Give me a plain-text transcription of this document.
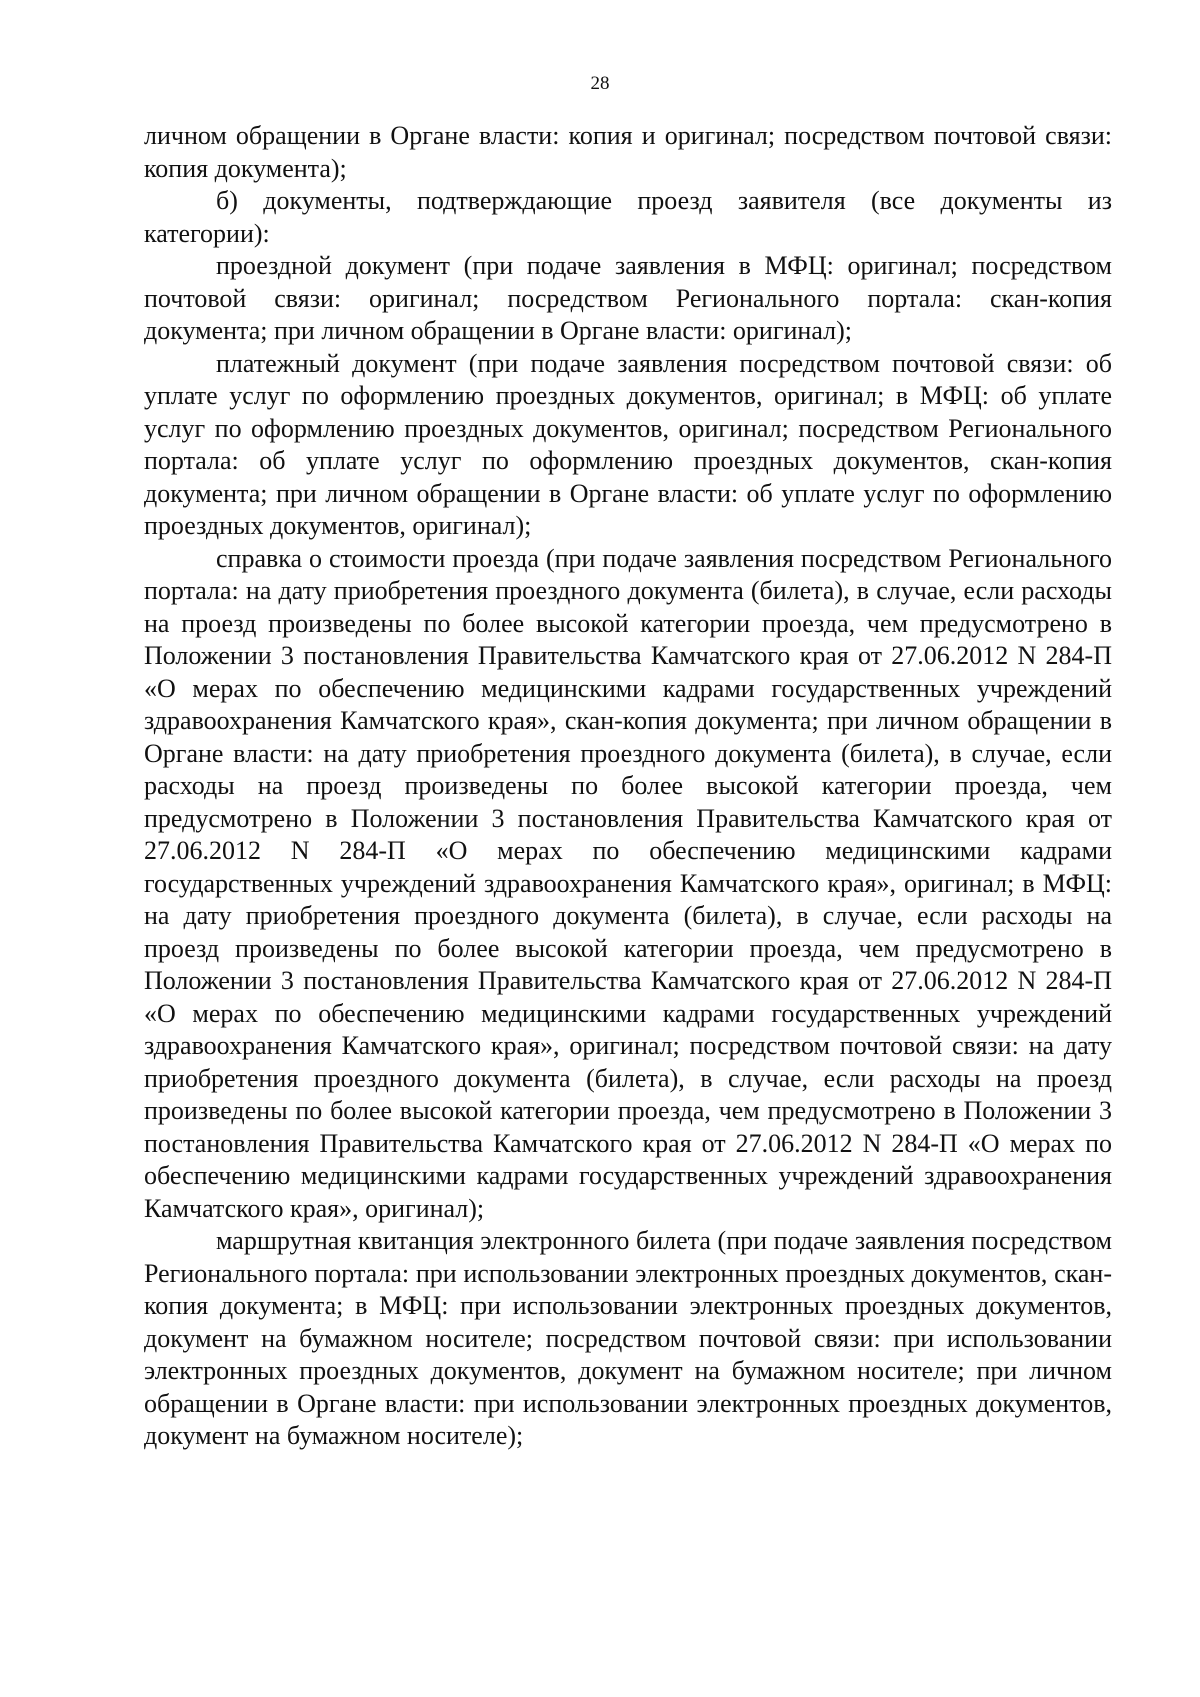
28

личном обращении в Органе власти: копия и оригинал; посредством почтовой связи: копия документа);

б) документы, подтверждающие проезд заявителя (все документы из категории):

проездной документ (при подаче заявления в МФЦ: оригинал; посредством почтовой связи: оригинал; посредством Регионального портала: скан-копия документа; при личном обращении в Органе власти: оригинал);

платежный документ (при подаче заявления посредством почтовой связи: об уплате услуг по оформлению проездных документов, оригинал; в МФЦ: об уплате услуг по оформлению проездных документов, оригинал; посредством Регионального портала: об уплате услуг по оформлению проездных документов, скан-копия документа; при личном обращении в Органе власти: об уплате услуг по оформлению проездных документов, оригинал);

справка о стоимости проезда (при подаче заявления посредством Регионального портала: на дату приобретения проездного документа (билета), в случае, если расходы на проезд произведены по более высокой категории проезда, чем предусмотрено в Положении 3 постановления Правительства Камчатского края от 27.06.2012 N 284-П «О мерах по обеспечению медицинскими кадрами государственных учреждений здравоохранения Камчатского края», скан-копия документа; при личном обращении в Органе власти: на дату приобретения проездного документа (билета), в случае, если расходы на проезд произведены по более высокой категории проезда, чем предусмотрено в Положении 3 постановления Правительства Камчатского края от 27.06.2012 N 284-П «О мерах по обеспечению медицинскими кадрами государственных учреждений здравоохранения Камчатского края», оригинал; в МФЦ: на дату приобретения проездного документа (билета), в случае, если расходы на проезд произведены по более высокой категории проезда, чем предусмотрено в Положении 3 постановления Правительства Камчатского края от 27.06.2012 N 284-П «О мерах по обеспечению медицинскими кадрами государственных учреждений здравоохранения Камчатского края», оригинал; посредством почтовой связи: на дату приобретения проездного документа (билета), в случае, если расходы на проезд произведены по более высокой категории проезда, чем предусмотрено в Положении 3 постановления Правительства Камчатского края от 27.06.2012 N 284-П «О мерах по обеспечению медицинскими кадрами государственных учреждений здравоохранения Камчатского края», оригинал);

маршрутная квитанция электронного билета (при подаче заявления посредством Регионального портала: при использовании электронных проездных документов, скан-копия документа; в МФЦ: при использовании электронных проездных документов, документ на бумажном носителе; посредством почтовой связи: при использовании электронных проездных документов, документ на бумажном носителе; при личном обращении в Органе власти: при использовании электронных проездных документов, документ на бумажном носителе);
